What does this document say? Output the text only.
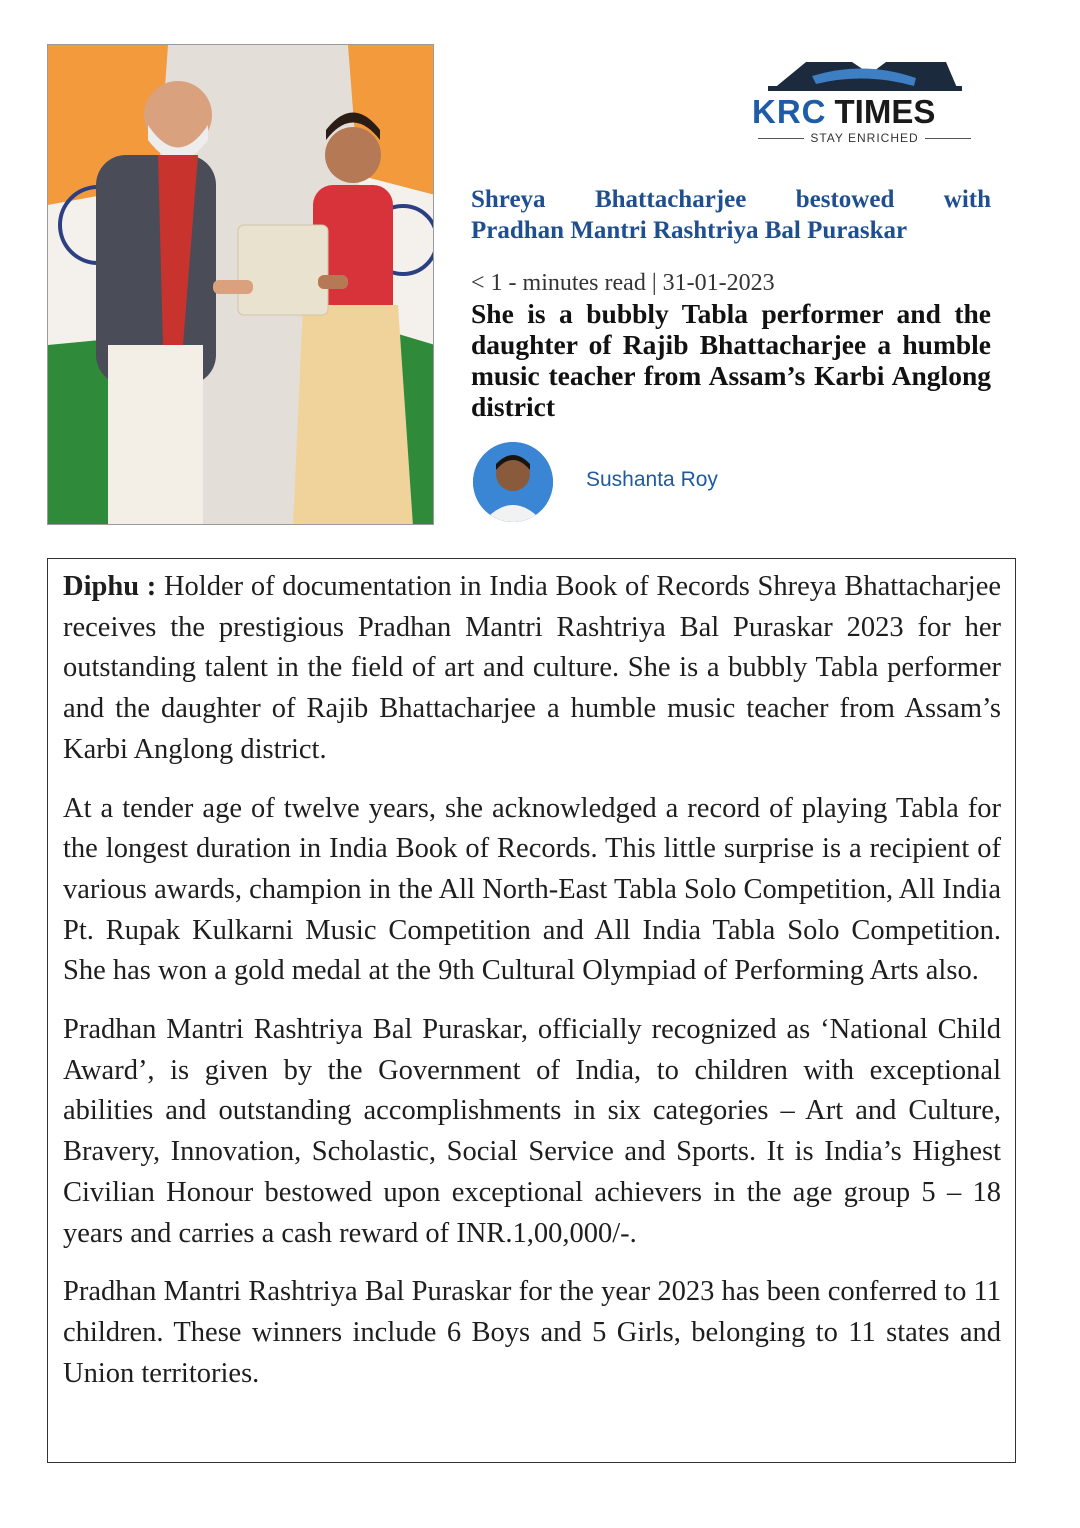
KRC TIMES
STAY ENRICHED
Shreya Bhattacharjee bestowed with
Pradhan Mantri Rashtriya Bal Puraskar
< 1 - minutes read | 31-01-2023
She is a bubbly Tabla performer and the daughter of Rajib Bhattacharjee a humble music teacher from Assam’s Karbi Anglong district
Sushanta Roy

Diphu : Holder of documentation in India Book of Records Shreya Bhattacharjee receives the prestigious Pradhan Mantri Rashtriya Bal Puraskar 2023 for her outstanding talent in the field of art and culture. She is a bubbly Tabla performer and the daughter of Rajib Bhattacharjee a humble music teacher from Assam’s Karbi Anglong district.

At a tender age of twelve years, she acknowledged a record of playing Tabla for the longest duration in India Book of Records. This little surprise is a recipient of various awards, champion in the All North-East Tabla Solo Competition, All India Pt. Rupak Kulkarni Music Competition and All India Tabla Solo Competition. She has won a gold medal at the 9th Cultural Olympiad of Performing Arts also.

Pradhan Mantri Rashtriya Bal Puraskar, officially recognized as ‘National Child Award’, is given by the Government of India, to children with exceptional abilities and outstanding accomplishments in six categories – Art and Culture, Bravery, Innovation, Scholastic, Social Service and Sports. It is India’s Highest Civilian Honour bestowed upon exceptional achievers in the age group 5 – 18 years and carries a cash reward of INR.1,00,000/-.

Pradhan Mantri Rashtriya Bal Puraskar for the year 2023 has been conferred to 11 children. These winners include 6 Boys and 5 Girls, belonging to 11 states and Union territories.
